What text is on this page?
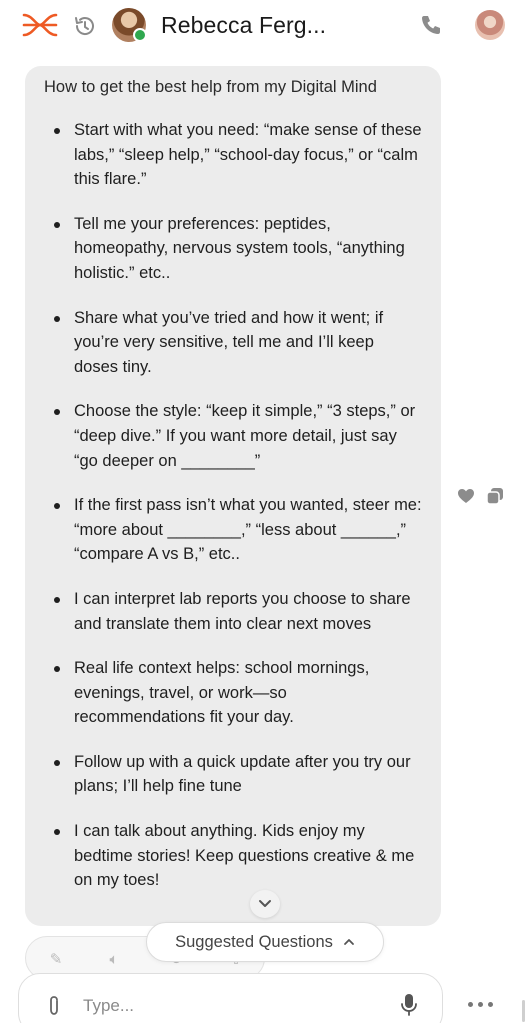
Rebecca Ferg...
How to get the best help from my Digital Mind
Start with what you need: “make sense of these labs,” “sleep help,” “school-day focus,” or “calm this flare.”
Tell me your preferences: peptides, homeopathy, nervous system tools, “anything holistic.” etc..
Share what you’ve tried and how it went; if you’re very sensitive, tell me and I’ll keep doses tiny.
Choose the style: “keep it simple,” “3 steps,” or “deep dive.” If you want more detail, just say “go deeper on ________”
If the first pass isn’t what you wanted, steer me: “more about ________,” “less about ______,” “compare A vs B,” etc..
I can interpret lab reports you choose to share and translate them into clear next moves
Real life context helps: school mornings, evenings, travel, or work—so recommendations fit your day.
Follow up with a quick update after you try our plans; I’ll help fine tune
I can talk about anything. Kids enjoy my bedtime stories! Keep questions creative & me on my toes!
✎	🔈︎
Suggested Questions
Type...
